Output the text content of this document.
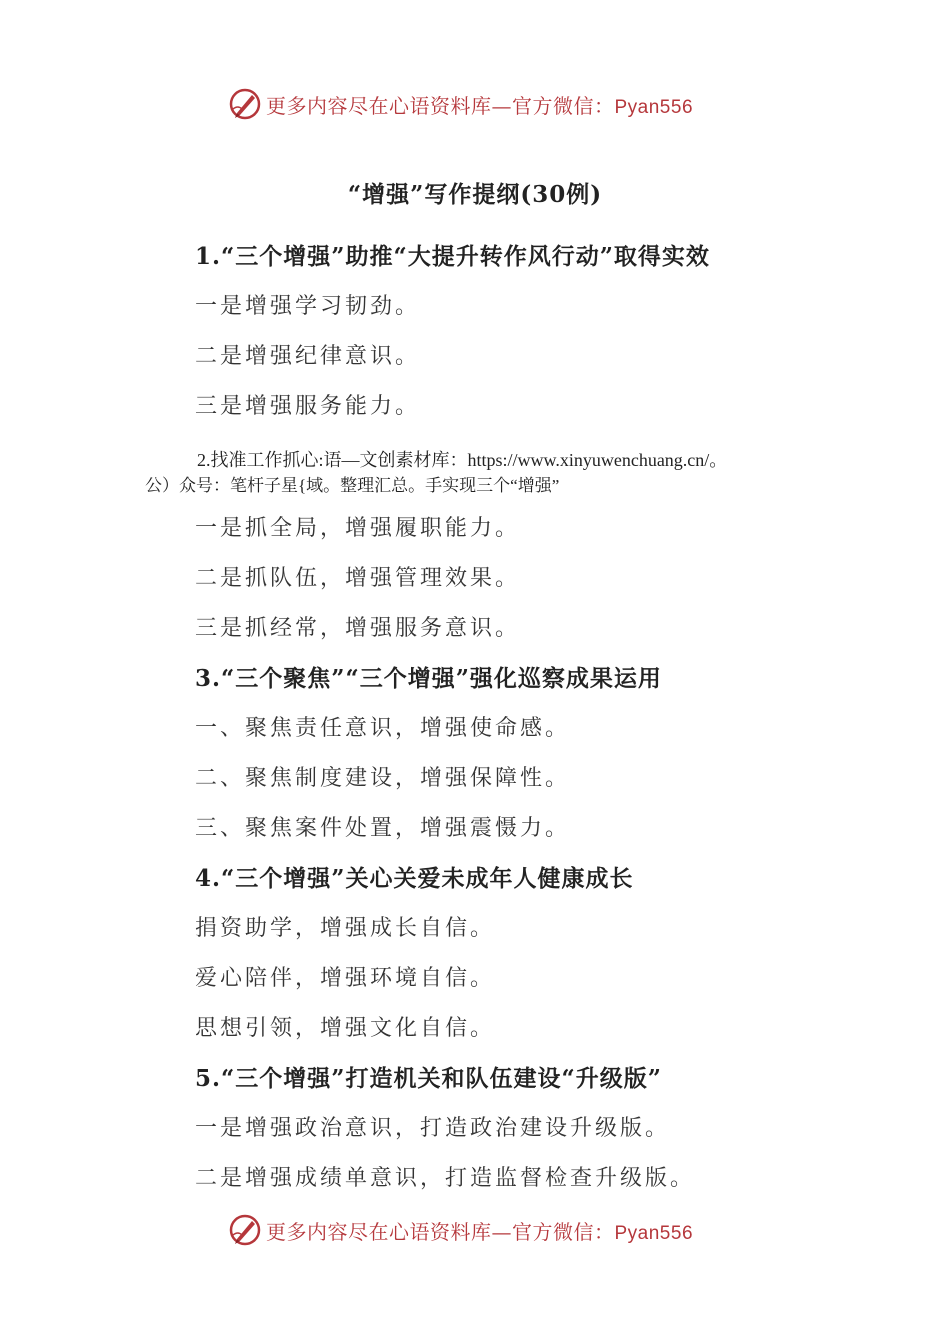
更多内容尽在心语资料库—官方微信：Pyan556
“增强”写作提纲(30例)
1.“三个增强”助推“大提升转作风行动”取得实效
一是增强学习韧劲。
二是增强纪律意识。
三是增强服务能力。
2.找准工作抓心:语—文创素材库：https://www.xinyuwenchuang.cn/。
公）众号：笔杆子星{域。整理汇总。手实现三个“增强”
一是抓全局，增强履职能力。
二是抓队伍，增强管理效果。
三是抓经常，增强服务意识。
3.“三个聚焦”“三个增强”强化巡察成果运用
一、聚焦责任意识，增强使命感。
二、聚焦制度建设，增强保障性。
三、聚焦案件处置，增强震慑力。
4.“三个增强”关心关爱未成年人健康成长
捐资助学，增强成长自信。
爱心陪伴，增强环境自信。
思想引领，增强文化自信。
5.“三个增强”打造机关和队伍建设“升级版”
一是增强政治意识，打造政治建设升级版。
二是增强成绩单意识，打造监督检查升级版。
更多内容尽在心语资料库—官方微信：Pyan556
